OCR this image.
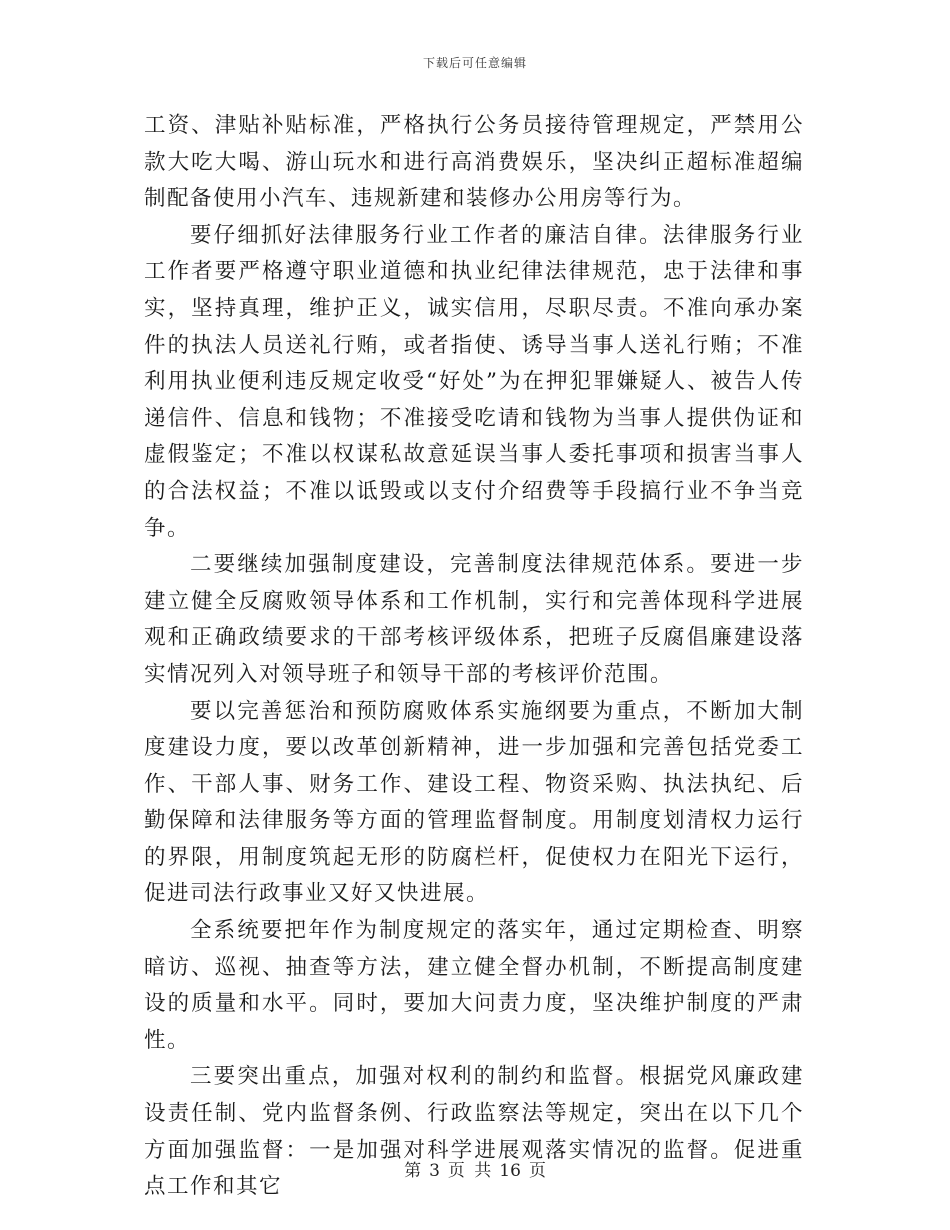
下载后可任意编辑

工资、津贴补贴标准，严格执行公务员接待管理规定，严禁用公款大吃大喝、游山玩水和进行高消费娱乐，坚决纠正超标准超编制配备使用小汽车、违规新建和装修办公用房等行为。

要仔细抓好法律服务行业工作者的廉洁自律。法律服务行业工作者要严格遵守职业道德和执业纪律法律规范，忠于法律和事实，坚持真理，维护正义，诚实信用，尽职尽责。不准向承办案件的执法人员送礼行贿，或者指使、诱导当事人送礼行贿；不准利用执业便利违反规定收受“好处”为在押犯罪嫌疑人、被告人传递信件、信息和钱物；不准接受吃请和钱物为当事人提供伪证和虚假鉴定；不准以权谋私故意延误当事人委托事项和损害当事人的合法权益；不准以诋毁或以支付介绍费等手段搞行业不争当竞争。

二要继续加强制度建设，完善制度法律规范体系。要进一步建立健全反腐败领导体系和工作机制，实行和完善体现科学进展观和正确政绩要求的干部考核评级体系，把班子反腐倡廉建设落实情况列入对领导班子和领导干部的考核评价范围。

要以完善惩治和预防腐败体系实施纲要为重点，不断加大制度建设力度，要以改革创新精神，进一步加强和完善包括党委工作、干部人事、财务工作、建设工程、物资采购、执法执纪、后勤保障和法律服务等方面的管理监督制度。用制度划清权力运行的界限，用制度筑起无形的防腐栏杆，促使权力在阳光下运行，促进司法行政事业又好又快进展。

全系统要把年作为制度规定的落实年，通过定期检查、明察暗访、巡视、抽查等方法，建立健全督办机制，不断提高制度建设的质量和水平。同时，要加大问责力度，坚决维护制度的严肃性。

三要突出重点，加强对权利的制约和监督。根据党风廉政建设责任制、党内监督条例、行政监察法等规定，突出在以下几个方面加强监督：一是加强对科学进展观落实情况的监督。促进重点工作和其它

第 3 页 共 16 页
